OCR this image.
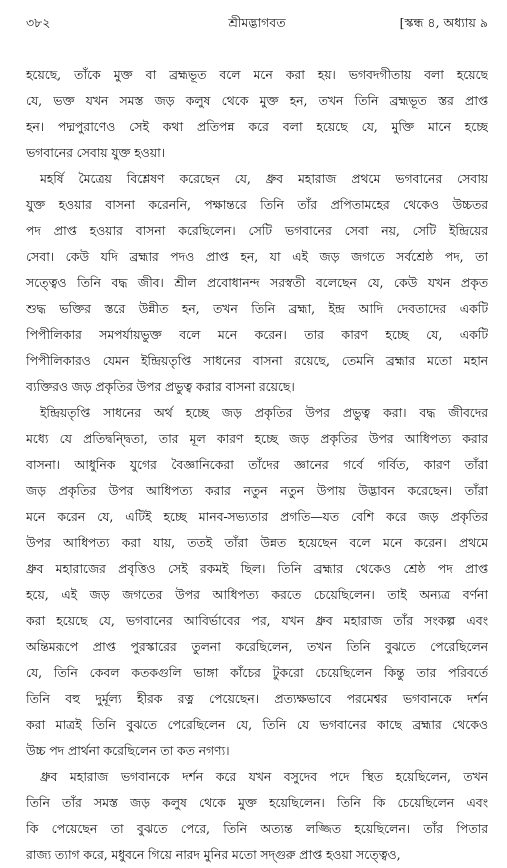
৩৮২	শ্রীমদ্ভাগবত	[স্কন্ধ ৪, অধ্যায় ৯
হয়েছে, তাঁকে মুক্ত বা ব্রহ্মভূত বলে মনে করা হয়। ভগবদগীতায় বলা হয়েছে
যে, ভক্ত যখন সমস্ত জড় কলুষ থেকে মুক্ত হন, তখন তিনি ব্রহ্মভূত স্তর প্রাপ্ত
হন। পদ্মপুরাণেও সেই কথা প্রতিপন্ন করে বলা হয়েছে যে, মুক্তি মানে হচ্ছে
ভগবানের সেবায় যুক্ত হওয়া।
মহর্ষি মৈত্রেয় বিশ্লেষণ করেছেন যে, ধ্রুব মহারাজ প্রথমে ভগবানের সেবায়
যুক্ত হওয়ার বাসনা করেননি, পক্ষান্তরে তিনি তাঁর প্রপিতামহের থেকেও উচ্চতর
পদ প্রাপ্ত হওয়ার বাসনা করেছিলেন। সেটি ভগবানের সেবা নয়, সেটি ইন্দ্রিয়ের
সেবা। কেউ যদি ব্রহ্মার পদও প্রাপ্ত হন, যা এই জড় জগতে সর্বশ্রেষ্ঠ পদ, তা
সত্ত্বেও তিনি বদ্ধ জীব। শ্রীল প্রবোধানন্দ সরস্বতী বলেছেন যে, কেউ যখন প্রকৃত
শুদ্ধ ভক্তির স্তরে উন্নীত হন, তখন তিনি ব্রহ্মা, ইন্দ্র আদি দেবতাদের একটি
পিপীলিকার সমপর্যায়ভুক্ত বলে মনে করেন। তার কারণ হচ্ছে যে, একটি
পিপীলিকারও যেমন ইন্দ্রিয়তৃপ্তি সাধনের বাসনা রয়েছে, তেমনি ব্রহ্মার মতো মহান
ব্যক্তিরও জড় প্রকৃতির উপর প্রভুত্ব করার বাসনা রয়েছে।
ইন্দ্রিয়তৃপ্তি সাধনের অর্থ হচ্ছে জড় প্রকৃতির উপর প্রভুত্ব করা। বদ্ধ জীবদের
মধ্যে যে প্রতিদ্বন্দ্বিতা, তার মূল কারণ হচ্ছে জড় প্রকৃতির উপর আধিপত্য করার
বাসনা। আধুনিক যুগের বৈজ্ঞানিকেরা তাঁদের জ্ঞানের গর্বে গর্বিত, কারণ তাঁরা
জড় প্রকৃতির উপর আধিপত্য করার নতুন নতুন উপায় উদ্ভাবন করেছেন। তাঁরা
মনে করেন যে, এটিই হচ্ছে মানব-সভ্যতার প্রগতি—যত বেশি করে জড় প্রকৃতির
উপর আধিপত্য করা যায়, ততই তাঁরা উন্নত হয়েছেন বলে মনে করেন। প্রথমে
ধ্রুব মহারাজের প্রবৃত্তিও সেই রকমই ছিল। তিনি ব্রহ্মার থেকেও শ্রেষ্ঠ পদ প্রাপ্ত
হয়ে, এই জড় জগতের উপর আধিপত্য করতে চেয়েছিলেন। তাই অন্যত্র বর্ণনা
করা হয়েছে যে, ভগবানের আবির্ভাবের পর, যখন ধ্রুব মহারাজ তাঁর সংকল্প এবং
অন্তিমরূপে প্রাপ্ত পুরস্কারের তুলনা করেছিলেন, তখন তিনি বুঝতে পেরেছিলেন
যে, তিনি কেবল কতকগুলি ভাঙ্গা কাঁচের টুকরো চেয়েছিলেন কিন্তু তার পরিবর্তে
তিনি বহু দুর্মূল্য হীরক রত্ন পেয়েছেন। প্রত্যক্ষভাবে পরমেশ্বর ভগবানকে দর্শন
করা মাত্রই তিনি বুঝতে পেরেছিলেন যে, তিনি যে ভগবানের কাছে ব্রহ্মার থেকেও
উচ্চ পদ প্রার্থনা করেছিলেন তা কত নগণ্য।
ধ্রুব মহারাজ ভগবানকে দর্শন করে যখন বসুদেব পদে স্থিত হয়েছিলেন, তখন
তিনি তাঁর সমস্ত জড় কলুষ থেকে মুক্ত হয়েছিলেন। তিনি কি চেয়েছিলেন এবং
কি পেয়েছেন তা বুঝতে পেরে, তিনি অত্যন্ত লজ্জিত হয়েছিলেন। তাঁর পিতার
রাজ্য ত্যাগ করে, মধুবনে গিয়ে নারদ মুনির মতো সদ্গুরু প্রাপ্ত হওয়া সত্ত্বেও,
